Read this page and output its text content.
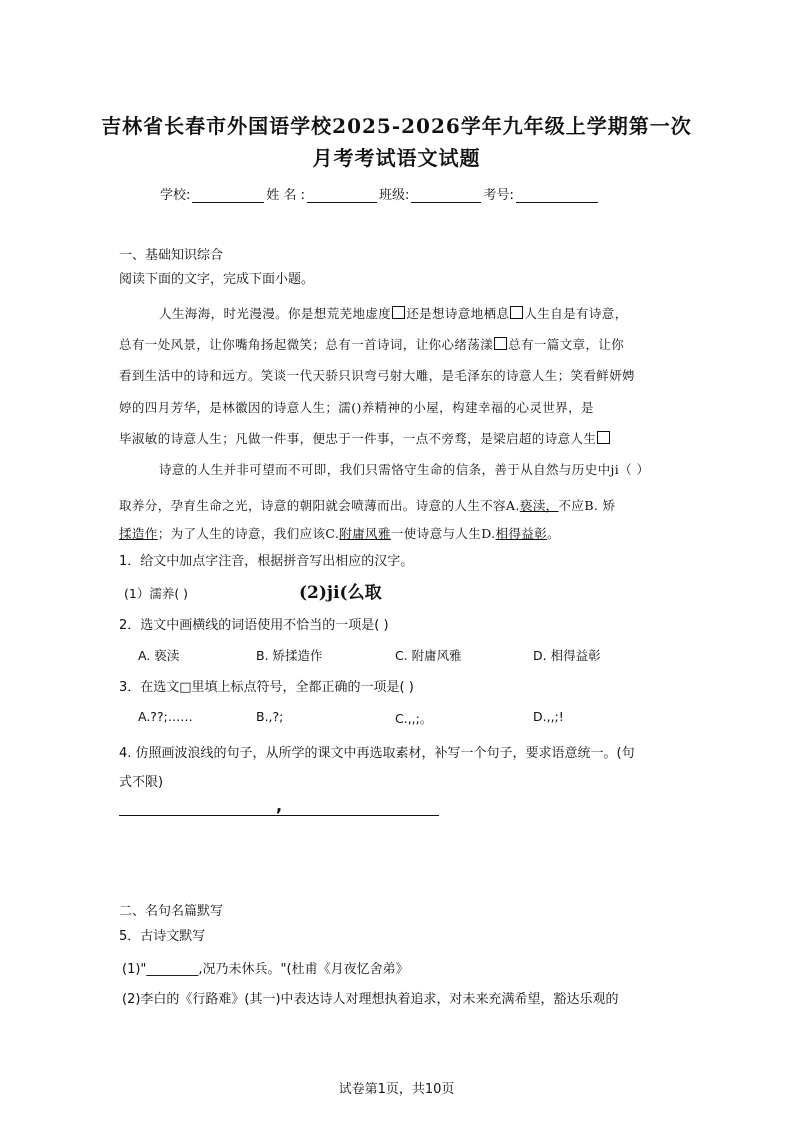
吉林省长春市外国语学校2025-2026学年九年级上学期第一次
月考考试语文试题
学校:	姓 名 :	班级:	考号:
一、基础知识综合
阅读下面的文字，完成下面小题。
人生海海，时光漫漫。你是想荒芜地虚度 还是想诗意地栖息 人生自是有诗意，
总有一处风景，让你嘴角扬起微笑；总有一首诗词，让你心绪荡漾 总有一篇文章，让你
看到生活中的诗和远方。笑谈一代天骄只识弯弓射大雕，是毛泽东的诗意人生；笑看鲜妍娉
婷的四月芳华，是林徽因的诗意人生；濡()养精神的小屋，构建幸福的心灵世界，是
毕淑敏的诗意人生；凡做一件事，便忠于一件事，一点不旁骛，是梁启超的诗意人生
诗意的人生并非可望而不可即，我们只需恪守生命的信条，善于从自然与历史中ji（ ）
取养分，孕育生命之光，诗意的朝阳就会喷薄而出。诗意的人生不容A.亵渎，不应B. 矫
揉造作；为了人生的诗意，我们应该C.附庸风雅一使诗意与人生D.相得益彰。
1．给文中加点字注音，根据拼音写出相应的汉字。
(1）濡养( )	(2)ji(么取
2．选文中画横线的词语使用不恰当的一项是( )
A. 亵渎	B. 矫揉造作	C. 附庸风雅	D. 相得益彰
3．在选文□里填上标点符号，全都正确的一项是( )
A.??;……	B.,?;	C.,,;。	D.,,;!
4. 仿照画波浪线的句子，从所学的课文中再选取素材，补写一个句子，要求语意统一。(句
式不限)
,
二、名句名篇默写
5．古诗文默写
(1)"________,况乃未休兵。"(杜甫《月夜忆舍弟》
(2)李白的《行路难》(其一)中表达诗人对理想执着追求，对未来充满希望，豁达乐观的
试卷第1页，共10页
